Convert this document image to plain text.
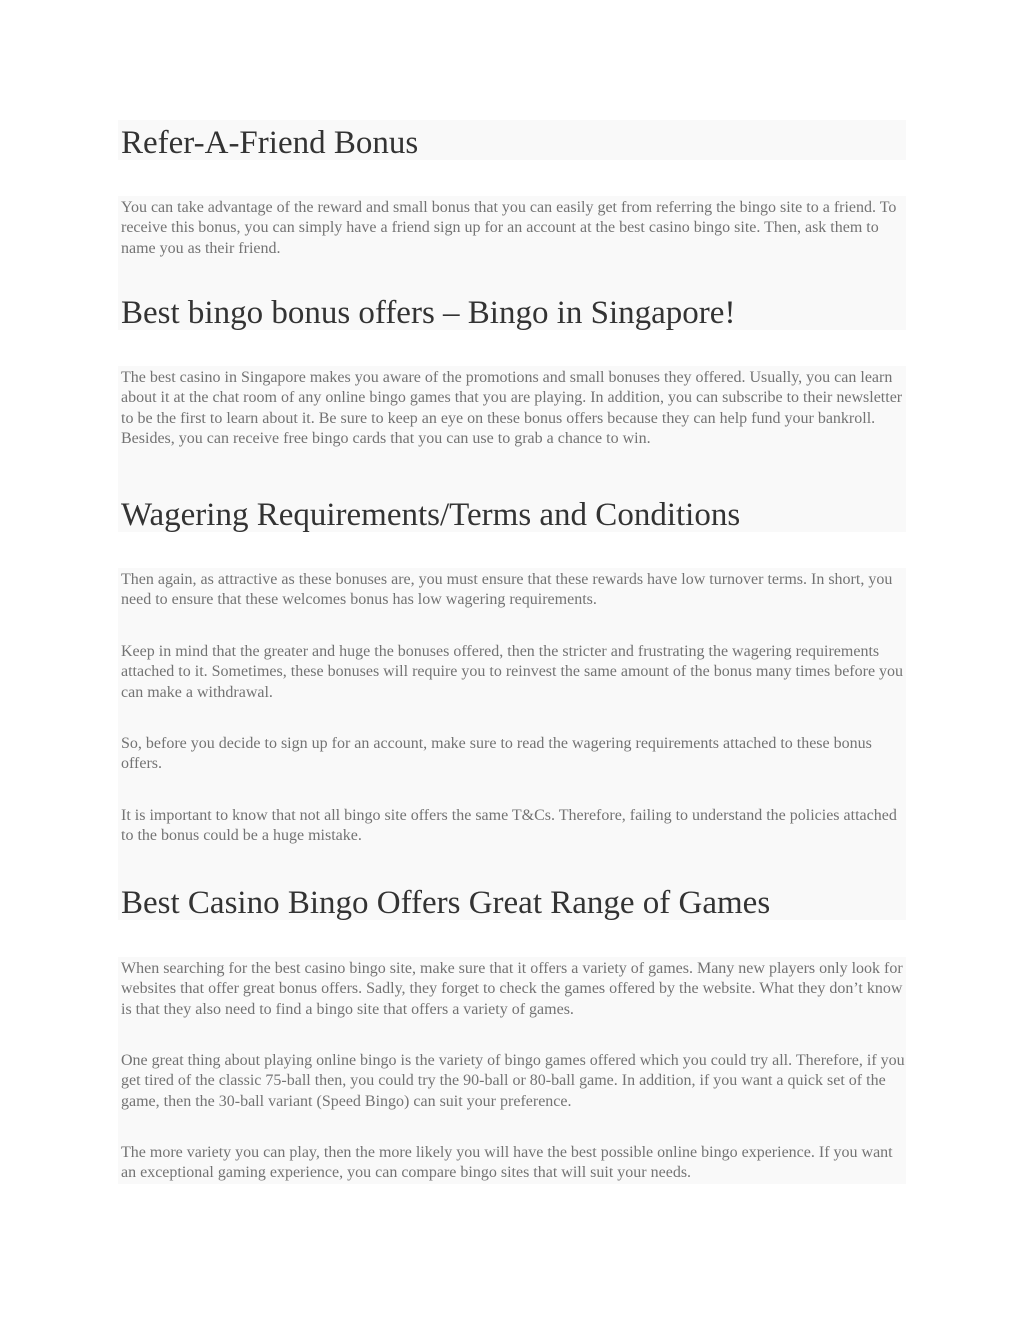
Refer-A-Friend Bonus

You can take advantage of the reward and small bonus that you can easily get from referring the bingo site to a friend. To receive this bonus, you can simply have a friend sign up for an account at the best casino bingo site. Then, ask them to name you as their friend.

Best bingo bonus offers – Bingo in Singapore!

The best casino in Singapore makes you aware of the promotions and small bonuses they offered. Usually, you can learn about it at the chat room of any online bingo games that you are playing. In addition, you can subscribe to their newsletter to be the first to learn about it. Be sure to keep an eye on these bonus offers because they can help fund your bankroll. Besides, you can receive free bingo cards that you can use to grab a chance to win.

Wagering Requirements/Terms and Conditions

Then again, as attractive as these bonuses are, you must ensure that these rewards have low turnover terms. In short, you need to ensure that these welcomes bonus has low wagering requirements.

Keep in mind that the greater and huge the bonuses offered, then the stricter and frustrating the wagering requirements attached to it. Sometimes, these bonuses will require you to reinvest the same amount of the bonus many times before you can make a withdrawal.

So, before you decide to sign up for an account, make sure to read the wagering requirements attached to these bonus offers.

It is important to know that not all bingo site offers the same T&Cs. Therefore, failing to understand the policies attached to the bonus could be a huge mistake.

Best Casino Bingo Offers Great Range of Games

When searching for the best casino bingo site, make sure that it offers a variety of games. Many new players only look for websites that offer great bonus offers. Sadly, they forget to check the games offered by the website. What they don’t know is that they also need to find a bingo site that offers a variety of games.

One great thing about playing online bingo is the variety of bingo games offered which you could try all. Therefore, if you get tired of the classic 75-ball then, you could try the 90-ball or 80-ball game. In addition, if you want a quick set of the game, then the 30-ball variant (Speed Bingo) can suit your preference.

The more variety you can play, then the more likely you will have the best possible online bingo experience. If you want an exceptional gaming experience, you can compare bingo sites that will suit your needs.
